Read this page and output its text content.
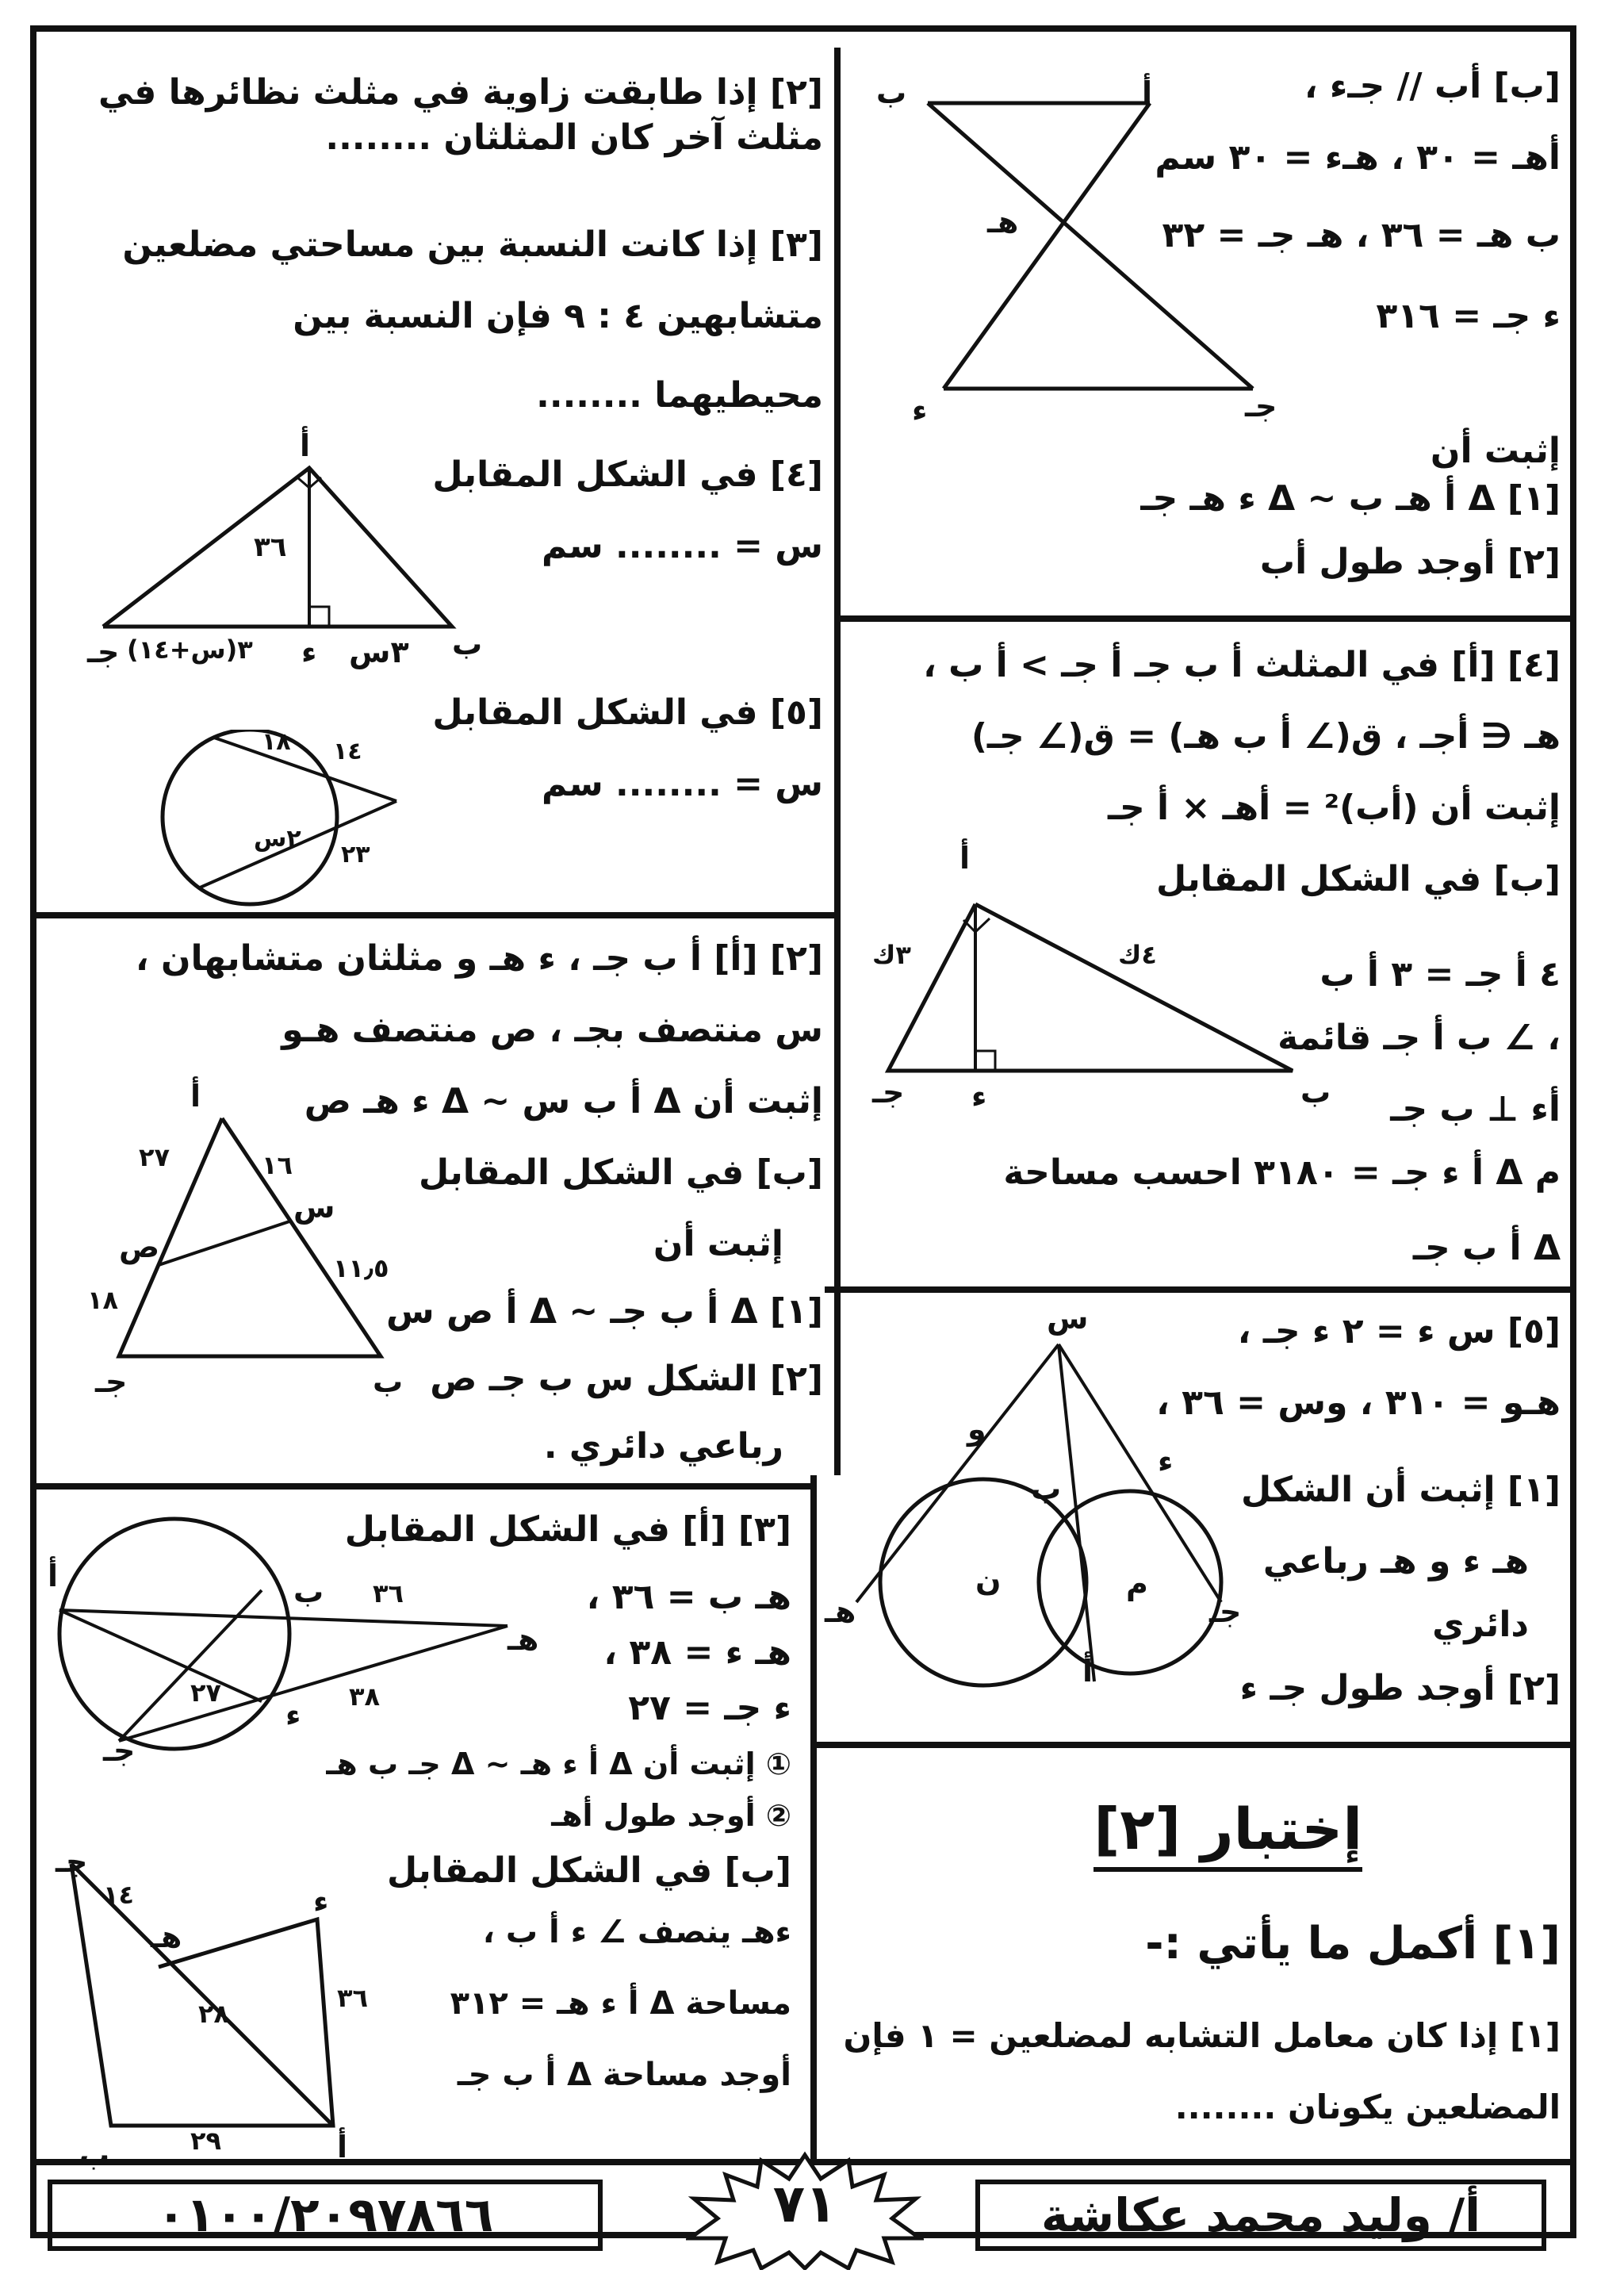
[٢] إذا طابقت زاوية في مثلث نظائرها في مثلث آخر كان المثلثان ........
[٣] إذا كانت النسبة بين مساحتي مضلعين
متشابهين ٤ : ٩ فإن النسبة بين
محيطيهما ........
[٤] في الشكل المقابل
س = ........ سم
[٥] في الشكل المقابل
س = ........ سم
أ
ب
جـ	ء ٣س
٣(س+١٤)
٣٦
١٤
١٨
٢٣
٢س
[ب] أب // جـء ،
أهـ = ٣٠ ، هـء = ٣٠ سم
ب هـ = ٣٦ ، هـ جـ = ٣٢
ء جـ = ٣١٦
إثبت أن
[١] Δ أ هـ ب ~ Δ ء هـ جـ
[٢] أوجد طول أب
ب	أ
هـ
ء	جـ
[٢] [أ] أ ب جـ ، ء هـ و مثلثان متشابهان ،
س منتصف بجـ ، ص منتصف هـو
إثبت أن Δ أ ب س ~ Δ ء هـ ص
[ب] في الشكل المقابل
إثبت أن
[١] Δ أ ب جـ ~ Δ أ ص س
[٢] الشكل س ب جـ ص
رباعي دائري .
أ
ب
جـ
س
ص
٢٧	١٦
١١٫٥
١٨
[٣] [أ] في الشكل المقابل
هـ ب = ٣٦ ،
هـ ء = ٣٨ ،
ء جـ = ٢٧
① إثبت أن Δ أ ء هـ ~ Δ جـ ب هـ
② أوجد طول أهـ
[ب] في الشكل المقابل
ءهـ ينصف ∠ ء أ ب ،
مساحة Δ أ ء هـ = ٣١٢
أوجد مساحة Δ أ ب جـ
أ	ب
هـ
ء
جـ
٣٦
٣٨
٢٧
جـ
ء
هـ
ب	أ
١٤
٢٨
٣٦
٢٩
[٤] [أ] في المثلث أ ب جـ أ جـ > أ ب ،
هـ ∈ أجـ ، ق(∠ أ ب هـ) = ق(∠ جـ)
إثبت أن (أب)² = أهـ × أ جـ
[ب] في الشكل المقابل
٤ أ جـ = ٣ أ ب
، ∠ ب أ جـ قائمة
أء ⊥ ب جـ
م Δ أ ء جـ = ٣١٨٠ احسب مساحة
Δ أ ب جـ
أ
جـ ء	ب
٣ك	٤ك
[٥] س ء = ٢ ء جـ ،
هـو = ٣١٠ ، وس = ٣٦ ،
[١] إثبت أن الشكل
هـ ء و هـ رباعي
دائري
[٢] أوجد طول جـ ء
س
و
ء
ب
ن	م
هـ	جـ
أ
إختبار [٢]
[١] أكمل ما يأتي :-
[١] إذا كان معامل التشابه لمضلعين = ١ فإن
المضلعين يكونان ........
٠١٠٠/٢٠٩٧٨٦٦	٧١	أ/ وليد محمد عكاشة
